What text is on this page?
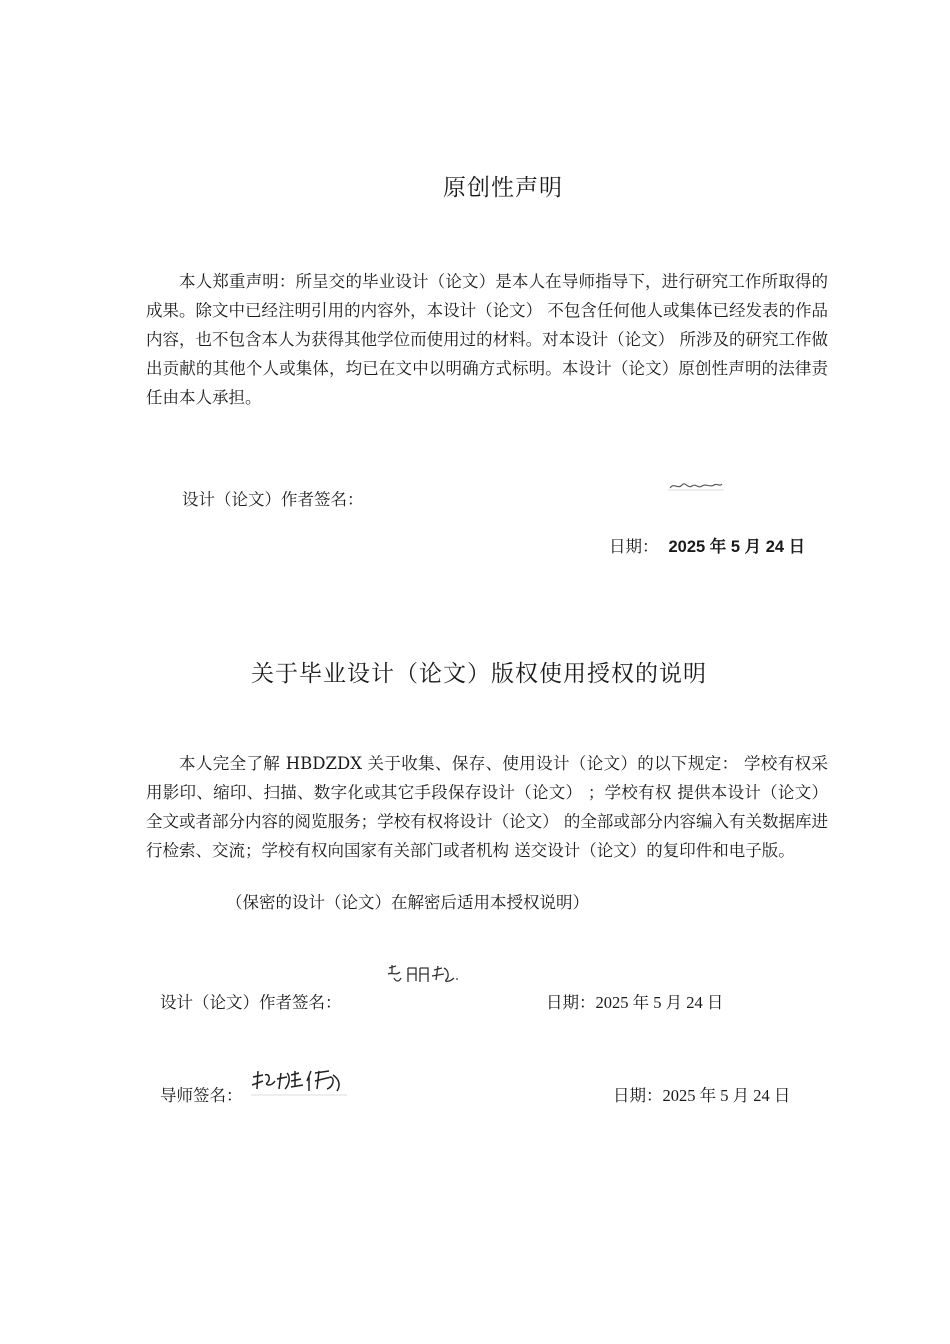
原创性声明
本人郑重声明：所呈交的毕业设计（论文）是本人在导师指导下，进行研究工作所取得的成果。除文中已经注明引用的内容外，本设计（论文） 不包含任何他人或集体已经发表的作品内容，也不包含本人为获得其他学位而使用过的材料。对本设计（论文） 所涉及的研究工作做出贡献的其他个人或集体，均已在文中以明确方式标明。本设计（论文）原创性声明的法律责任由本人承担。
设计（论文）作者签名：
日期： 2025 年 5 月 24 日
关于毕业设计（论文）版权使用授权的说明
本人完全了解 HBDZDX 关于收集、保存、使用设计（论文）的以下规定： 学校有权采用影印、缩印、扫描、数字化或其它手段保存设计（论文） ；学校有权 提供本设计（论文） 全文或者部分内容的阅览服务；学校有权将设计（论文） 的全部或部分内容编入有关数据库进行检索、交流；学校有权向国家有关部门或者机构 送交设计（论文）的复印件和电子版。
（保密的设计（论文）在解密后适用本授权说明）
设计（论文）作者签名：	日期：2025 年 5 月 24 日
导师签名：	日期：2025 年 5 月 24 日
